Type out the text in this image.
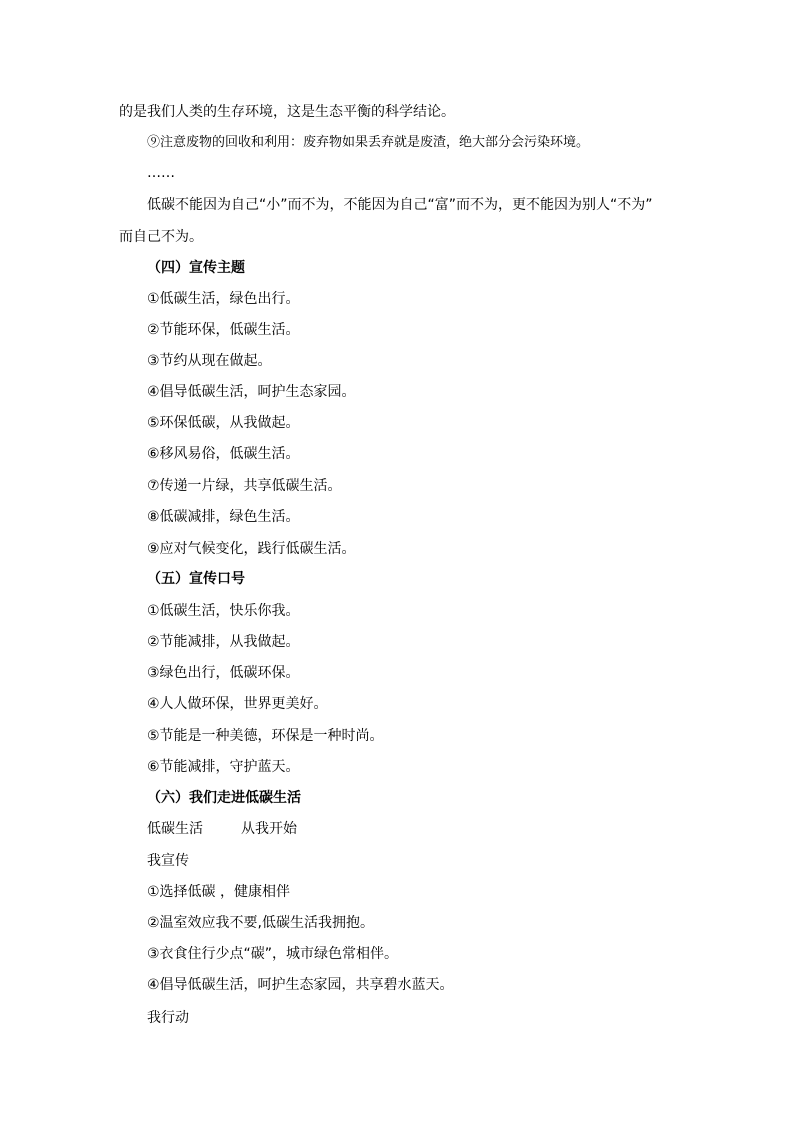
的是我们人类的生存环境，这是生态平衡的科学结论。
⑨注意废物的回收和利用：废弃物如果丢弃就是废渣，绝大部分会污染环境。
……
低碳不能因为自己“小”而不为，不能因为自己“富”而不为，更不能因为别人“不为”
而自己不为。
（四）宣传主题
①低碳生活，绿色出行。
②节能环保，低碳生活。
③节约从现在做起。
④倡导低碳生活，呵护生态家园。
⑤环保低碳，从我做起。
⑥移风易俗，低碳生活。
⑦传递一片绿，共享低碳生活。
⑧低碳减排，绿色生活。
⑨应对气候变化，践行低碳生活。
（五）宣传口号
①低碳生活，快乐你我。
②节能减排，从我做起。
③绿色出行，低碳环保。
④人人做环保，世界更美好。
⑤节能是一种美德，环保是一种时尚。
⑥节能减排，守护蓝天。
（六）我们走进低碳生活
低碳生活	从我开始
我宣传
①选择低碳 ，健康相伴
②温室效应我不要,低碳生活我拥抱。
③衣食住行少点“碳”，城市绿色常相伴。
④倡导低碳生活，呵护生态家园，共享碧水蓝天。
我行动
